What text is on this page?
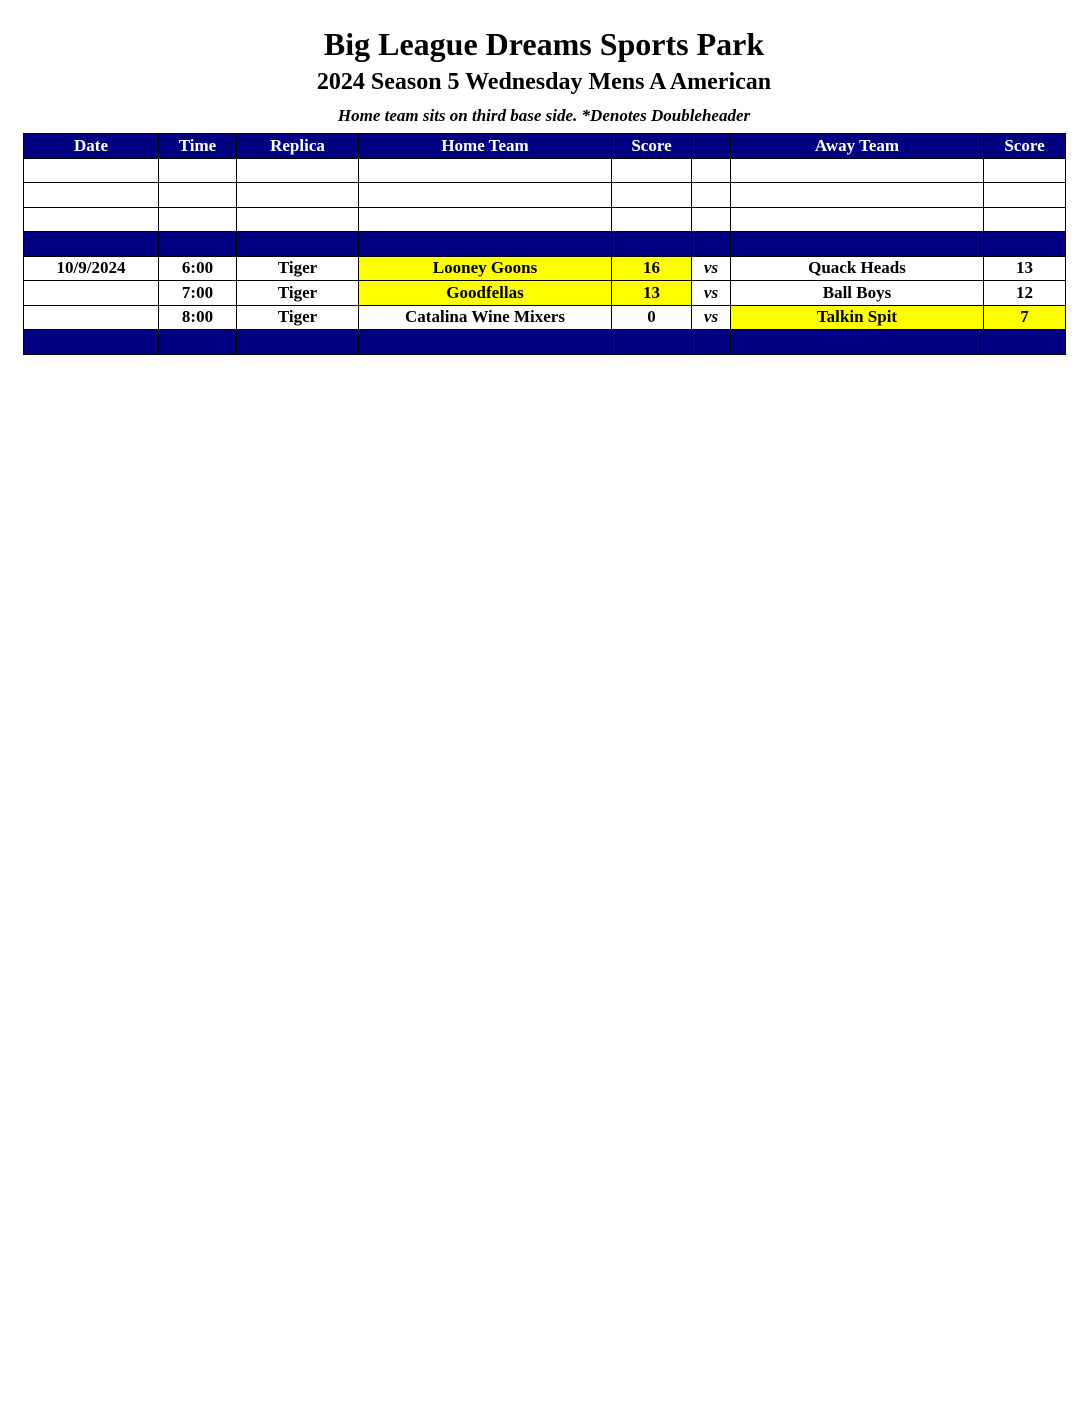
Big League Dreams Sports Park
2024 Season 5 Wednesday Mens A American
Home team sits on third base side. *Denotes Doubleheader
Date	Time	Replica	Home Team	Score		Away Team	Score

10/9/2024	6:00	Tiger	Looney Goons	16	vs	Quack Heads	13
	7:00	Tiger	Goodfellas	13	vs	Ball Boys	12
	8:00	Tiger	Catalina Wine Mixers	0	vs	Talkin Spit	7
